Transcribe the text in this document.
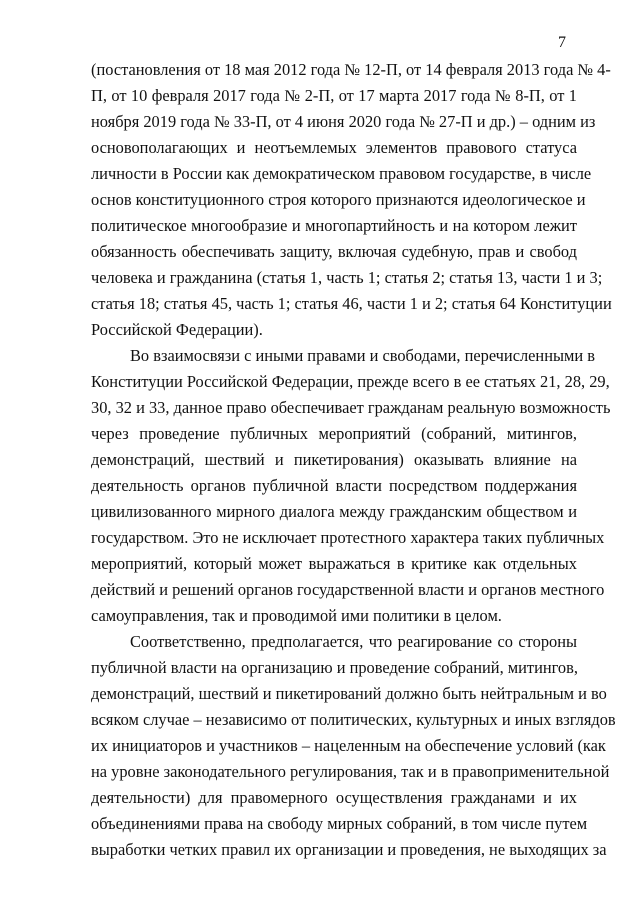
7
(постановления от 18 мая 2012 года № 12-П, от 14 февраля 2013 года № 4-
П, от 10 февраля 2017 года № 2-П, от 17 марта 2017 года № 8-П, от 1
ноября 2019 года № 33-П, от 4 июня 2020 года № 27-П и др.) – одним из
основополагающих и неотъемлемых элементов правового статуса
личности в России как демократическом правовом государстве, в числе
основ конституционного строя которого признаются идеологическое и
политическое многообразие и многопартийность и на котором лежит
обязанность обеспечивать защиту, включая судебную, прав и свобод
человека и гражданина (статья 1, часть 1; статья 2; статья 13, части 1 и 3;
статья 18; статья 45, часть 1; статья 46, части 1 и 2; статья 64 Конституции
Российской Федерации).
Во взаимосвязи с иными правами и свободами, перечисленными в
Конституции Российской Федерации, прежде всего в ее статьях 21, 28, 29,
30, 32 и 33, данное право обеспечивает гражданам реальную возможность
через проведение публичных мероприятий (собраний, митингов,
демонстраций, шествий и пикетирования) оказывать влияние на
деятельность органов публичной власти посредством поддержания
цивилизованного мирного диалога между гражданским обществом и
государством. Это не исключает протестного характера таких публичных
мероприятий, который может выражаться в критике как отдельных
действий и решений органов государственной власти и органов местного
самоуправления, так и проводимой ими политики в целом.
Соответственно, предполагается, что реагирование со стороны
публичной власти на организацию и проведение собраний, митингов,
демонстраций, шествий и пикетирований должно быть нейтральным и во
всяком случае – независимо от политических, культурных и иных взглядов
их инициаторов и участников – нацеленным на обеспечение условий (как
на уровне законодательного регулирования, так и в правоприменительной
деятельности) для правомерного осуществления гражданами и их
объединениями права на свободу мирных собраний, в том числе путем
выработки четких правил их организации и проведения, не выходящих за
